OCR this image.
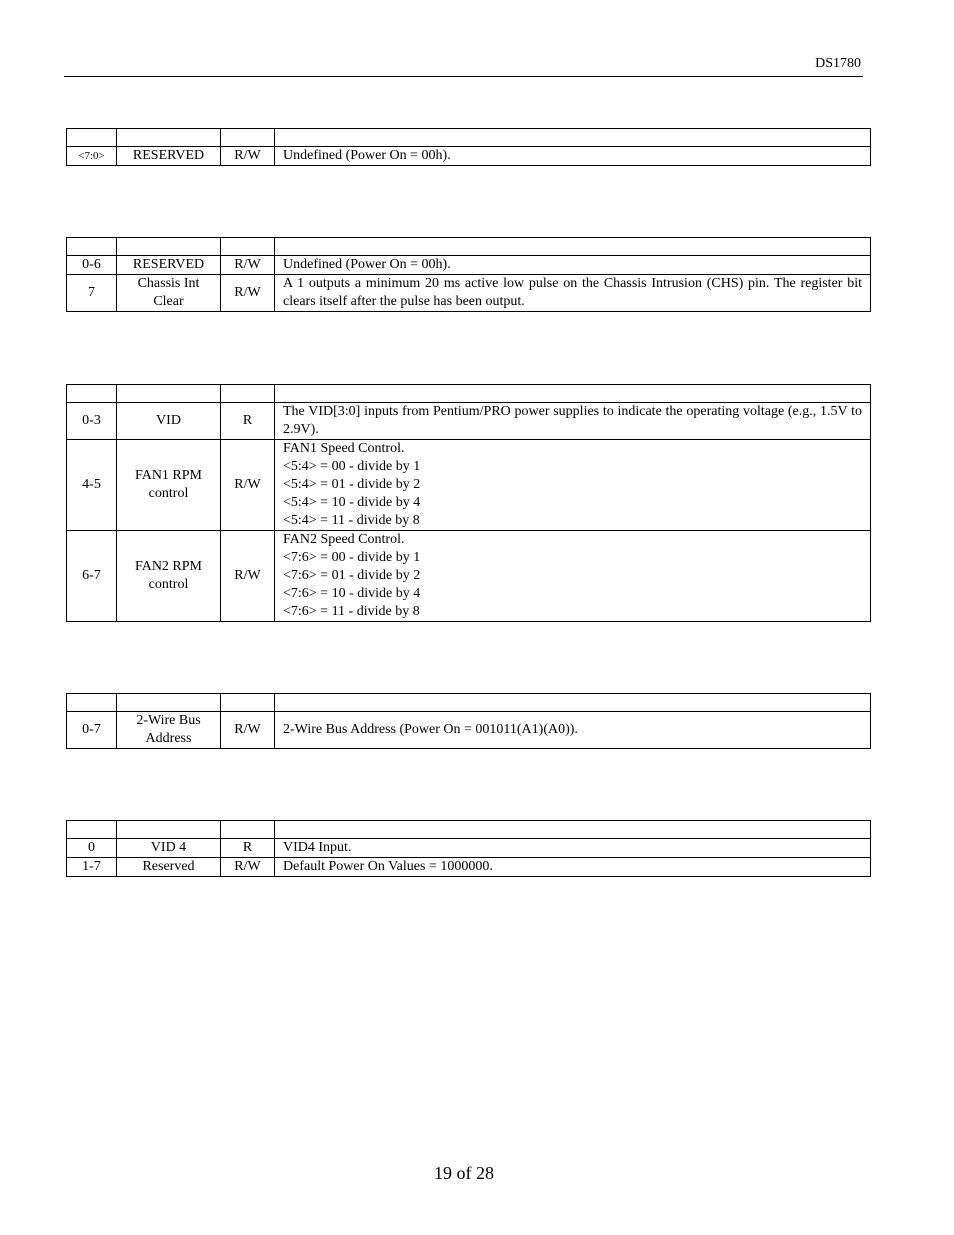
DS1780

<7:0>	RESERVED	R/W	Undefined (Power On = 00h).

0-6	RESERVED	R/W	Undefined (Power On = 00h).
7	Chassis Int Clear	R/W	A 1 outputs a minimum 20 ms active low pulse on the Chassis Intrusion (CHS) pin. The register bit clears itself after the pulse has been output.

0-3	VID	R	The VID[3:0] inputs from Pentium/PRO power supplies to indicate the operating voltage (e.g., 1.5V to 2.9V).
4-5	FAN1 RPM control	R/W	FAN1 Speed Control.
<5:4> = 00 - divide by 1
<5:4> = 01 - divide by 2
<5:4> = 10 - divide by 4
<5:4> = 11 - divide by 8

6-7	FAN2 RPM control	R/W	FAN2 Speed Control.
<7:6> = 00 - divide by 1
<7:6> = 01 - divide by 2
<7:6> = 10 - divide by 4
<7:6> = 11 - divide by 8

0-7	2-Wire Bus Address	R/W	2-Wire Bus Address (Power On = 001011(A1)(A0)).

0	VID 4	R	VID4 Input.
1-7	Reserved	R/W	Default Power On Values = 1000000.
19 of 28
